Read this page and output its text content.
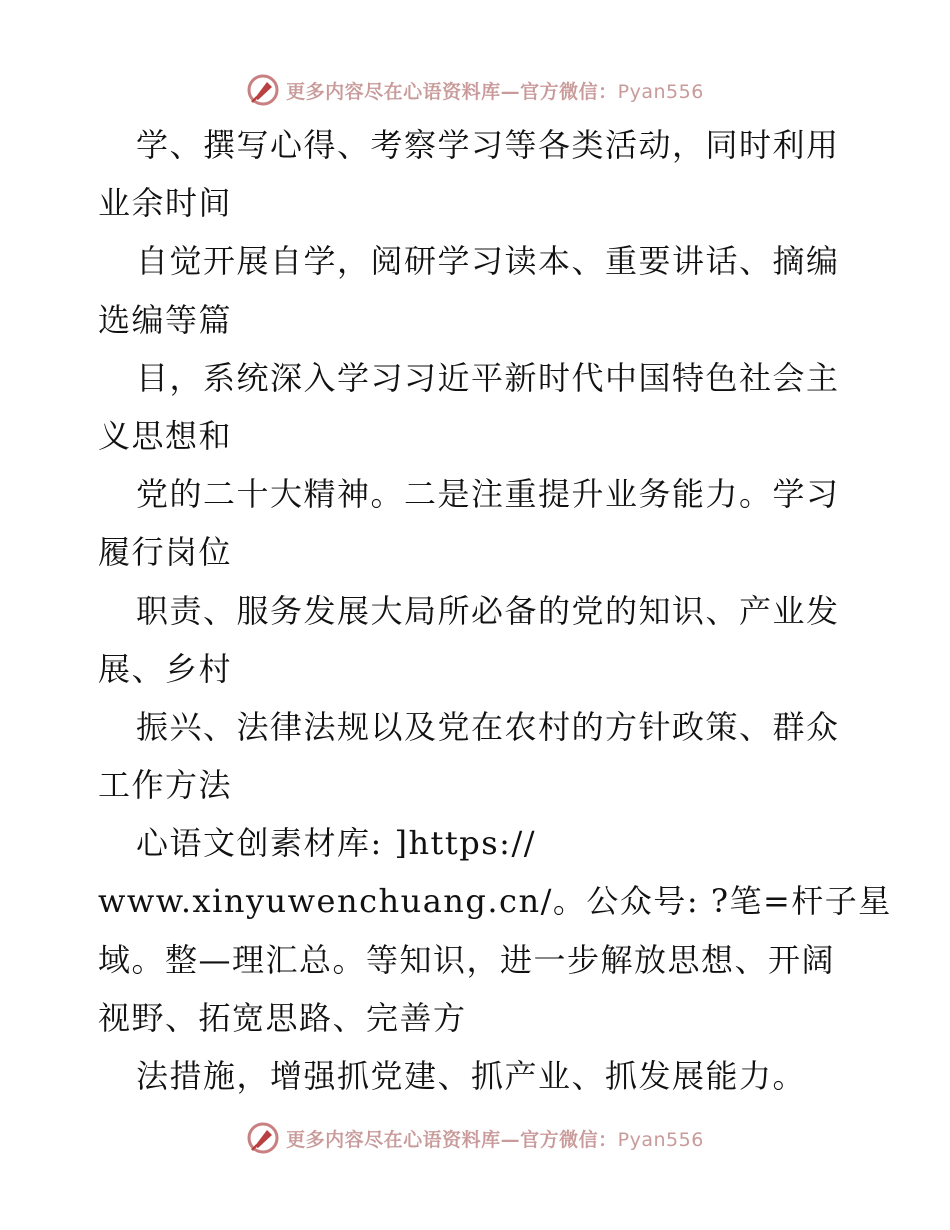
更多内容尽在心语资料库—官方微信：Pyan556
学、撰写心得、考察学习等各类活动，同时利用
业余时间
自觉开展自学，阅研学习读本、重要讲话、摘编
选编等篇
目，系统深入学习习近平新时代中国特色社会主
义思想和
党的二十大精神。二是注重提升业务能力。学习
履行岗位
职责、服务发展大局所必备的党的知识、产业发
展、乡村
振兴、法律法规以及党在农村的方针政策、群众
工作方法
心语文创素材库: ]https://
www.xinyuwenchuang.cn/。公众号: ?笔=杆子星
域。整—理汇总。等知识，进一步解放思想、开阔
视野、拓宽思路、完善方
法措施，增强抓党建、抓产业、抓发展能力。
更多内容尽在心语资料库—官方微信：Pyan556
